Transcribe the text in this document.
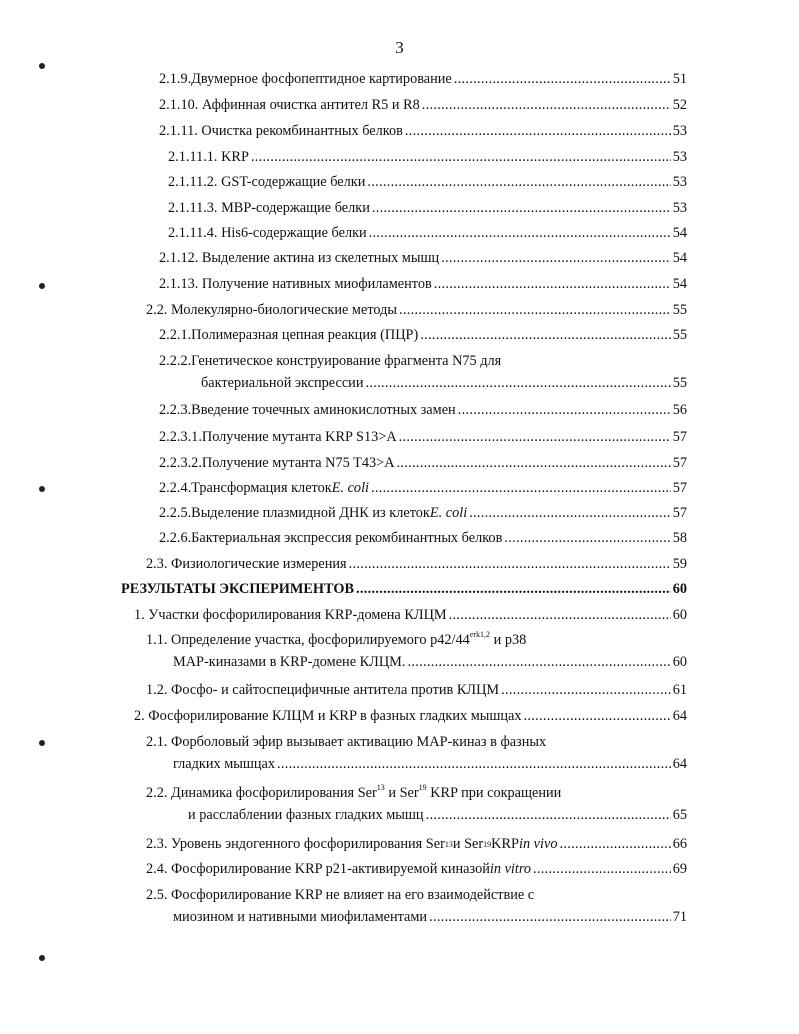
3
2.1.9.Двумерное фосфопептидное картирование .....	51
2.1.10. Аффинная очистка антител R5 и R8 .....	52
2.1.11. Очистка рекомбинантных белков .....	53
2.1.11.1. KRP .....	53
2.1.11.2. GST-содержащие белки .....	53
2.1.11.3. MBP-содержащие белки .....	53
2.1.11.4. His6-содержащие белки .....	54
2.1.12. Выделение актина из скелетных мышц .....	54
2.1.13. Получение нативных миофиламентов .....	54
2.2. Молекулярно-биологические методы .....	55
2.2.1.Полимеразная цепная реакция (ПЦР) .....	55
2.2.2.Генетическое конструирование фрагмента N75 для
бактериальной экспрессии .....	55
2.2.3.Введение точечных аминокислотных замен .....	56
2.2.3.1.Получение мутанта KRP S13>A .....	57
2.2.3.2.Получение мутанта N75 T43>A .....	57
2.2.4.Трансформация клеток E. coli .....	57
2.2.5.Выделение плазмидной ДНК из клеток E. coli .....	57
2.2.6.Бактериальная экспрессия рекомбинантных белков .....	58
2.3. Физиологические измерения .....	59
РЕЗУЛЬТАТЫ ЭКСПЕРИМЕНТОВ .....	60
1. Участки фосфорилирования KRP-домена КЛЦМ .....	60
1.1. Определение участка, фосфорилируемого $p42/44^{erk1,2}$ и p38
MAP-киназами в KRP-домене КЛЦМ. .....	60
1.2. Фосфо- и сайтоспецифичные антитела против КЛЦМ .....	61
2. Фосфорилирование КЛЦМ и KRP в фазных гладких мышцах .....	64
2.1. Форболовый эфир вызывает активацию MAP-киназ в фазных
гладких мышцах .....	64
2.2. Динамика фосфорилирования Ser$^{13}$ и Ser$^{19}$ KRP при сокращении
и расслаблении фазных гладких мышц .....	65
2.3. Уровень эндогенного фосфорилирования Ser$^{13}$ и Ser$^{19}$ KRP in vivo .....	66
2.4. Фосфорилирование KRP p21-активируемой киназой in vitro .....	69
2.5. Фосфорилирование KRP не влияет на его взаимодействие с
миозином и нативными миофиламентами .....	71
